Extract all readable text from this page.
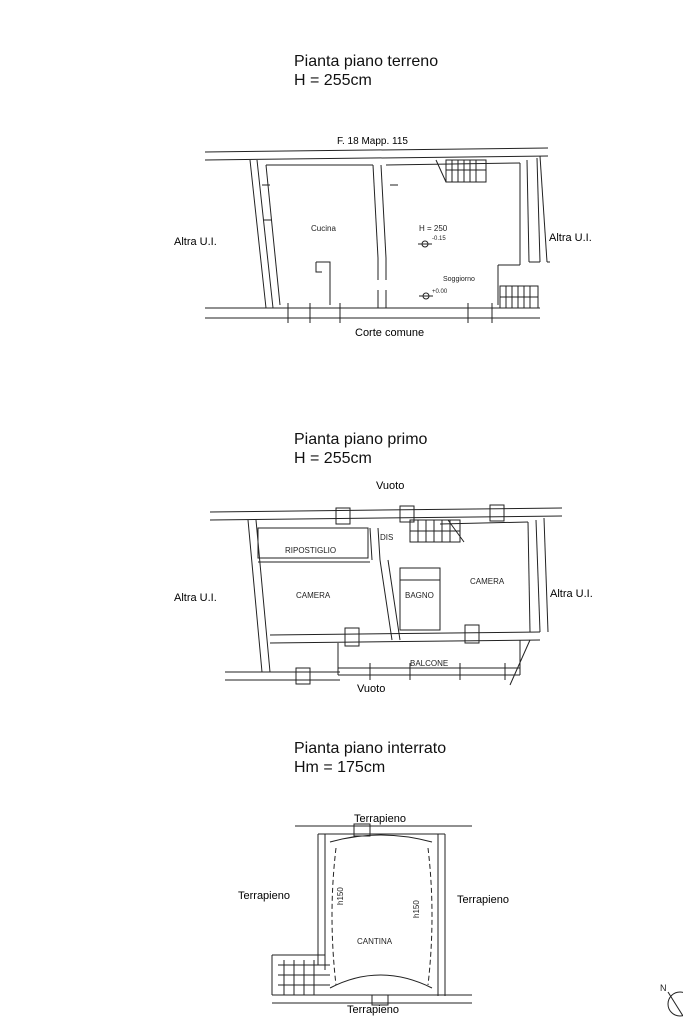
Pianta piano terreno
H = 255cm
F. 18 Mapp. 115
Corte comune
Altra U.I.	Altra U.I.
Cucina	H = 250
-0.15
Soggiorno
+0.00
Pianta piano primo
H = 255cm
Vuoto
Vuoto
Altra U.I.	Altra U.I.
RIPOSTIGLIO
DIS
CAMERA	BAGNO
CAMERA
BALCONE
Pianta piano interrato
Hm = 175cm
Terrapieno
Terrapieno
Terrapieno	Terrapieno
CANTINA
h150
h150
N
